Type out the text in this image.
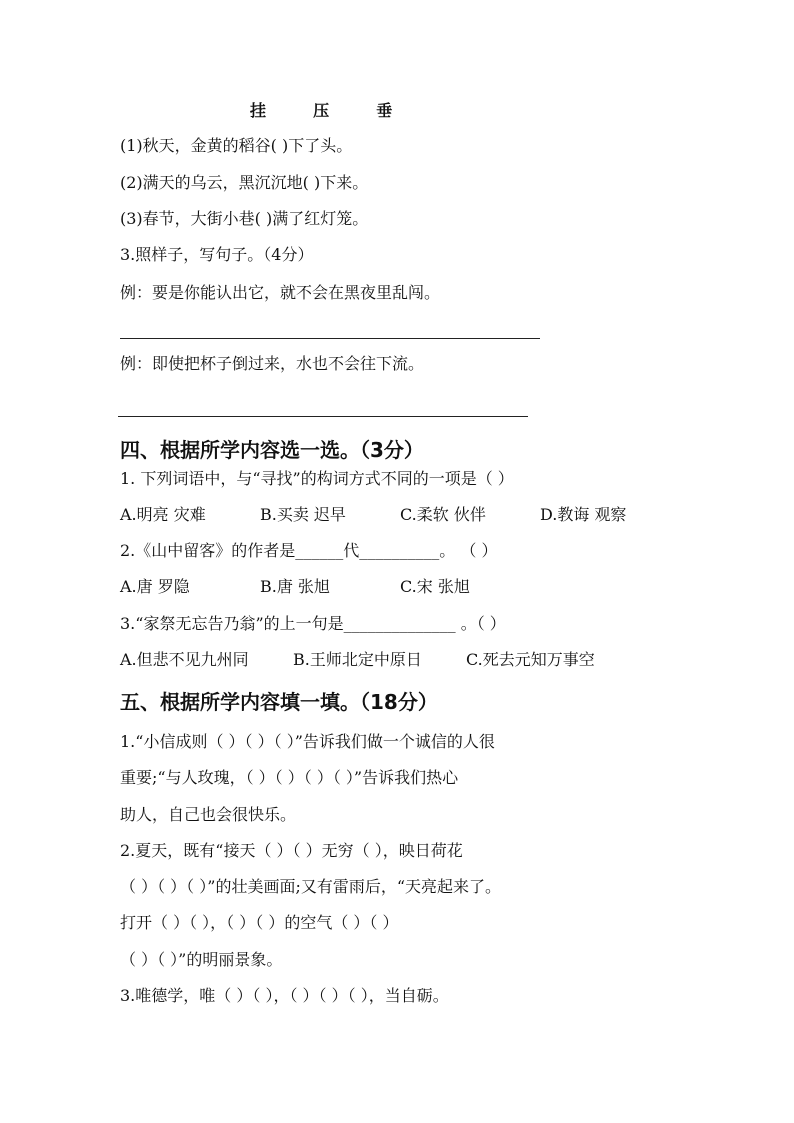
挂	压	垂
(1)秋天，金黄的稻谷( )下了头。
(2)满天的乌云，黑沉沉地( )下来。
(3)春节，大街小巷( )满了红灯笼。
3.照样子，写句子。（4分）
例：要是你能认出它，就不会在黑夜里乱闯。
例：即使把杯子倒过来，水也不会往下流。
四、根据所学内容选一选。（3分）
1. 下列词语中，与“寻找”的构词方式不同的一项是（ ）
A.明亮 灾难	B.买卖 迟早	C.柔软 伙伴	D.教诲 观察
2.《山中留客》的作者是______代__________。 （ ）
A.唐 罗隐	B.唐 张旭	C.宋 张旭
3.“家祭无忘告乃翁”的上一句是______________ 。（ ）
A.但悲不见九州同	B.王师北定中原日	C.死去元知万事空
五、根据所学内容填一填。（18分）
1.“小信成则（ ）（ ）（ ）”告诉我们做一个诚信的人很
重要;“与人玫瑰，（ ）（ ）（ ）（ ）”告诉我们热心
助人，自己也会很快乐。
2.夏天，既有“接天（ ）（ ）无穷（ ），映日荷花
（ ）（ ）（ ）”的壮美画面;又有雷雨后，“天亮起来了。
打开（ ）（ ），（ ）（ ）的空气（ ）（ ）
（ ）（ ）”的明丽景象。
3.唯德学，唯（ ）（ ），（ ）（ ）（ ），当自砺。
